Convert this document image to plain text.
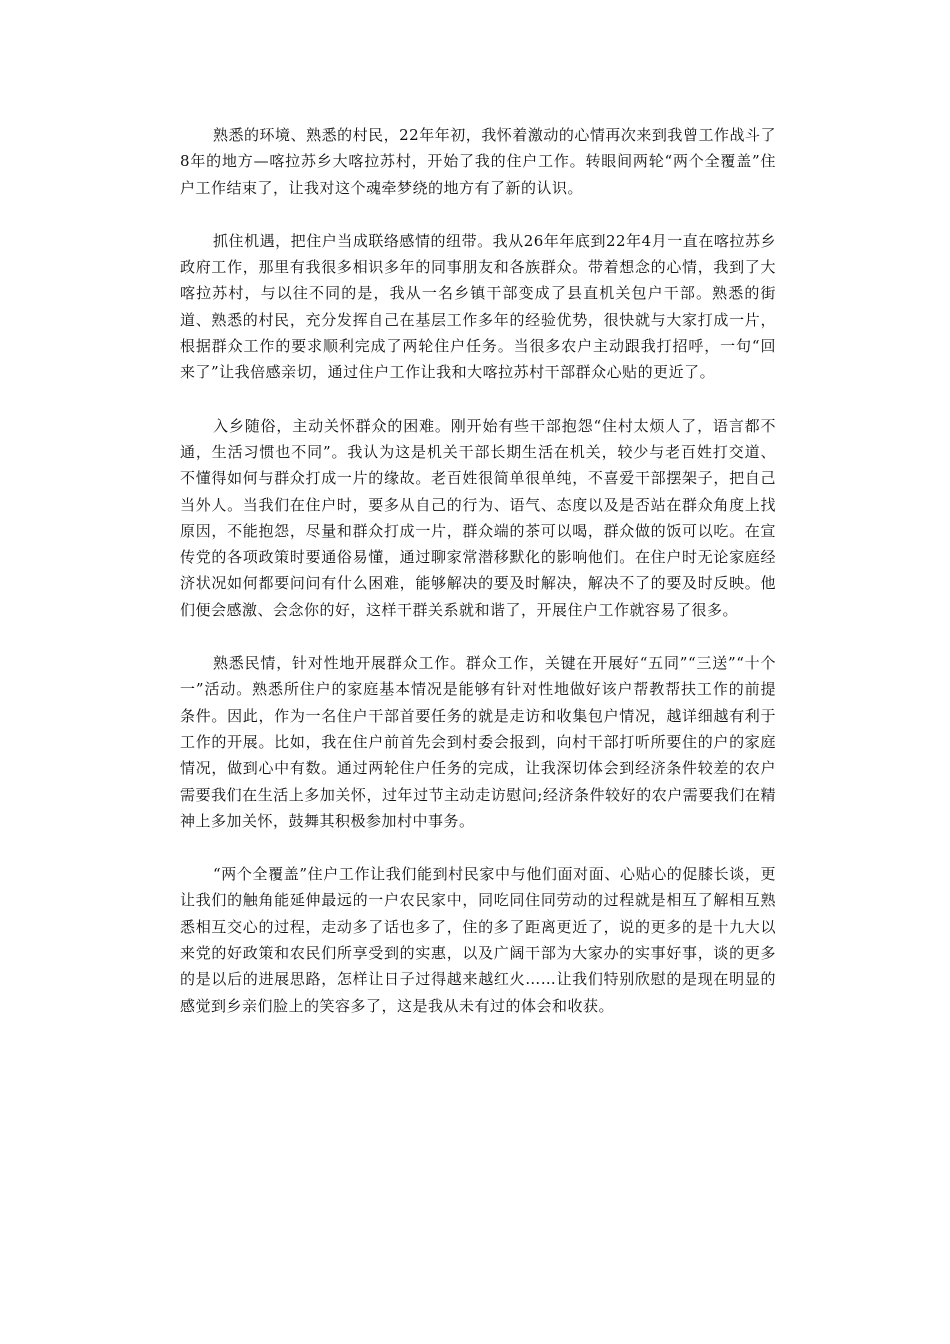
熟悉的环境、熟悉的村民，22年年初，我怀着激动的心情再次来到我曾工作战斗了8年的地方—喀拉苏乡大喀拉苏村，开始了我的住户工作。转眼间两轮“两个全覆盖”住户工作结束了，让我对这个魂牵梦绕的地方有了新的认识。

抓住机遇，把住户当成联络感情的纽带。我从26年年底到22年4月一直在喀拉苏乡政府工作，那里有我很多相识多年的同事朋友和各族群众。带着想念的心情，我到了大喀拉苏村，与以往不同的是，我从一名乡镇干部变成了县直机关包户干部。熟悉的街道、熟悉的村民，充分发挥自己在基层工作多年的经验优势，很快就与大家打成一片，根据群众工作的要求顺利完成了两轮住户任务。当很多农户主动跟我打招呼，一句“回来了”让我倍感亲切，通过住户工作让我和大喀拉苏村干部群众心贴的更近了。

入乡随俗，主动关怀群众的困难。刚开始有些干部抱怨“住村太烦人了，语言都不通，生活习惯也不同”。我认为这是机关干部长期生活在机关，较少与老百姓打交道、不懂得如何与群众打成一片的缘故。老百姓很简单很单纯，不喜爱干部摆架子，把自己当外人。当我们在住户时，要多从自己的行为、语气、态度以及是否站在群众角度上找原因，不能抱怨，尽量和群众打成一片，群众端的茶可以喝，群众做的饭可以吃。在宣传党的各项政策时要通俗易懂，通过聊家常潜移默化的影响他们。在住户时无论家庭经济状况如何都要问问有什么困难，能够解决的要及时解决，解决不了的要及时反映。他们便会感激、会念你的好，这样干群关系就和谐了，开展住户工作就容易了很多。

熟悉民情，针对性地开展群众工作。群众工作，关键在开展好“五同”“三送”“十个一”活动。熟悉所住户的家庭基本情况是能够有针对性地做好该户帮教帮扶工作的前提条件。因此，作为一名住户干部首要任务的就是走访和收集包户情况，越详细越有利于工作的开展。比如，我在住户前首先会到村委会报到，向村干部打听所要住的户的家庭情况，做到心中有数。通过两轮住户任务的完成，让我深切体会到经济条件较差的农户需要我们在生活上多加关怀，过年过节主动走访慰问;经济条件较好的农户需要我们在精神上多加关怀，鼓舞其积极参加村中事务。

“两个全覆盖”住户工作让我们能到村民家中与他们面对面、心贴心的促膝长谈，更让我们的触角能延伸最远的一户农民家中，同吃同住同劳动的过程就是相互了解相互熟悉相互交心的过程，走动多了话也多了，住的多了距离更近了，说的更多的是十九大以来党的好政策和农民们所享受到的实惠，以及广阔干部为大家办的实事好事，谈的更多的是以后的进展思路，怎样让日子过得越来越红火……让我们特别欣慰的是现在明显的感觉到乡亲们脸上的笑容多了，这是我从未有过的体会和收获。
